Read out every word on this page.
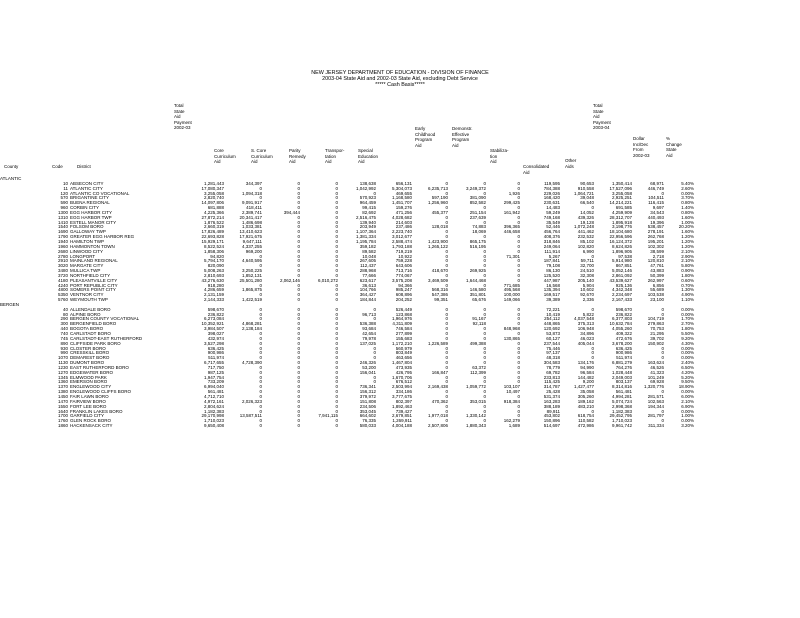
NEW JERSEY DEPARTMENT OF EDUCATION - DIVISION OF FINANCE
2003-04 State Aid and 2002-03 State Aid, excluding Debt Service
***** Cash Basis*****
County	Code	District
Total
State
Aid
Payment
2002-03
Core
Curriculum
Aid
S. Core
Curriculum
Aid
Parity
Remedy
Aid
Transpor-
tation
Aid
Special
Education
Aid
Early
Childhood
Program
Aid
Demonstr.
Effective
Program
Aid
Stabiliza-
tion
Aid
Consolidated
Aid
Other
Aids
Total
State
Aid
Payment
2003-04
Dollar
Inc/Dec
From
2002-03
%
Change
State
Aid
ATLANTIC																	
	10	ABSECON CITY	1,281,443	344,397	0	0	138,638	656,131	0	0	0	119,595	90,653	1,350,414	68,971	5.40%	
	11	ATLANTIC CITY	17,080,347	0	0	0	1,042,992	5,304,073	6,235,713	3,249,372	0	784,388	910,558	17,527,096	446,749	2.60%	
	120	ATLANTIC CO VOCATIONAL	3,255,058	1,094,318	0	0	0	469,655	0	0	1,926	229,026	1,064,721	3,255,058	0	0.00%	
	570	BRIGANTINE CITY	2,820,740	0	0	0	570,923	1,168,580	597,190	381,090	0	168,420	39,048	2,925,251	104,511	3.70%	
	590	BUENA REGIONAL	14,097,806	9,091,917	0	0	964,459	1,451,707	1,256,960	852,582	299,425	230,631	66,540	14,214,221	116,415	0.80%	
	960	CORBIN CITY	681,888	418,411	0	0	99,415	159,276	0	0	0	14,483	0	691,585	9,697	1.40%	
	1300	EGG HARBOR CITY	4,225,366	2,389,741	394,444	0	82,692	471,256	455,377	251,154	161,942	59,249	14,052	4,259,909	34,543	0.80%	
	1310	EGG HARBOR TWP	27,872,214	20,341,417	0	0	2,516,475	4,028,682	0	237,639	0	749,168	439,326	28,312,707	440,493	1.60%	
	1410	ESTELL MANOR CITY	1,876,522	1,486,698	0	0	139,940	214,603	0	0	0	35,549	19,128	1,895,918	19,396	1.00%	
	1540	FOLSOM BORO	2,660,319	1,033,381	0	0	203,949	237,486	128,018	74,883	396,365	52,446	1,072,248	3,198,776	538,457	20.20%	
	1690	GALLOWAY TWP	17,826,489	13,410,623	0	0	1,107,364	2,223,740	0	18,069	446,658	456,764	441,462	18,104,680	278,191	1.60%	
	1790	GREATER EGG HARBOR REG	22,693,828	17,921,675	0	0	1,381,334	3,012,677	0	0	0	408,376	232,532	22,956,596	262,768	1.20%	
	1940	HAMILTON TWP	15,929,171	9,647,111	0	0	1,195,784	2,588,474	1,423,900	865,175	0	318,846	85,102	16,124,372	195,201	1.20%	
	1960	HAMMONTON TOWN	8,522,524	4,337,255	0	0	359,182	1,793,188	1,265,122	516,195	0	249,064	102,820	8,624,826	102,302	1.20%	
	2680	LINWOOD CITY	1,858,306	969,200	0	0	89,582	719,219	0	0	0	111,914	6,990	1,896,905	38,599	2.10%	
	2780	LONGPORT	94,820	0	0	0	10,048	10,922	0	0	71,301	5,267	0	97,538	2,718	2.90%	
	2910	MAINLAND REGIONAL	5,794,170	4,640,595	0	0	267,605	759,228	0	0	0	187,841	59,711	5,914,980	120,810	2.10%	
	3020	MARGATE CITY	820,090	0	0	0	112,437	643,606	0	0	0	79,108	32,700	867,851	47,761	5.80%	
	3480	MULLICA TWP	5,008,263	3,250,225	0	0	288,968	713,716	418,670	269,925	0	86,130	24,510	5,052,146	43,883	0.90%	
	3720	NORTHFIELD CITY	2,810,693	1,852,131	0	0	77,666	774,067	0	0	0	125,520	32,308	2,861,092	50,399	1.80%	
	4180	PLEASANTVILLE CITY	43,276,630	25,501,280	2,062,146	6,010,272	623,617	3,575,208	3,469,509	1,644,468	0	447,987	205,140	43,539,627	262,997	0.60%	
	4240	PORT REPUBLIC CITY	918,280	0	0	0	36,613	94,366	0	0	771,685	16,568	5,904	925,136	6,856	0.70%	
	4800	SOMERS POINT CITY	4,286,659	1,865,875	0	0	104,766	985,247	568,316	146,580	495,568	135,394	10,602	4,342,348	55,689	1.30%	
	5350	VENTNOR CITY	2,131,159	0	0	0	364,427	608,896	547,386	351,801	100,000	169,517	92,670	2,234,697	103,538	4.90%	
	5760	WEYMOUTH TWP	2,144,333	1,422,519	0	0	184,844	204,252	99,351	65,676	149,066	39,389	2,336	2,167,433	23,100	1.10%	
BERGEN																	
	40	ALLENDALE BORO	598,670	0	0	0	0	526,449	0	0	0	72,221	0	598,670	0	0.00%	
	80	ALPINE BORO	236,822	0	0	0	96,713	123,868	0	0	0	10,419	5,822	236,822	0	0.00%	
	290	BERGEN COUNTY VOCATIONAL	6,273,084	0	0	0	0	1,964,976	0	91,167	0	254,112	4,037,548	6,377,803	104,719	1.70%	
	300	BERGENFIELD BORO	10,352,921	4,868,281	0	0	536,388	4,311,809	0	92,118	0	448,865	375,313	10,632,784	279,863	2.70%	
	440	BOGOTA BORO	3,984,507	2,138,184	0	0	93,684	746,584	0	0	848,968	120,692	106,948	4,055,260	70,753	1.80%	
	740	CARLSTADT BORO	398,027	0	0	0	42,654	277,899	0	0	0	53,873	34,896	409,322	21,295	5.50%	
	745	CARLSTADT-EAST RUTHERFORD	432,974	0	0	0	79,978	155,683	0	0	130,865	60,127	46,023	472,676	39,702	9.20%	
	890	CLIFFSIDE PARK BORO	3,527,298	0	0	0	137,025	1,172,210	1,226,589	499,388	0	237,544	405,044	3,678,200	150,902	4.30%	
	930	CLOSTER BORO	636,425	0	0	0	0	560,979	0	0	0	75,446	0	636,425	0	0.00%	
	990	CRESSKILL BORO	900,986	0	0	0	0	803,849	0	0	0	97,137	0	900,986	0	0.00%	
	1070	DEMAREST BORO	511,974	0	0	0	0	463,656	0	0	0	48,318	0	511,974	0	0.00%	
	1130	DUMONT BORO	6,717,655	4,728,390	0	0	246,326	1,467,804	0	0	0	304,583	134,176	6,881,279	163,624	2.40%	
	1230	EAST RUTHERFORD BORO	717,750	0	0	0	53,200	473,935	0	63,372	0	78,779	94,990	764,276	46,526	6.50%	
	1270	EDGEWATER BORO	987,125	0	0	0	156,041	426,795	166,847	112,399	0	69,782	96,584	1,028,448	41,323	4.20%	
	1345	ELMWOOD PARK	1,947,754	0	0	0	0	1,670,706	0	0	0	233,813	144,482	2,049,003	101,249	5.20%	
	1360	EMERSON BORO	733,209	0	0	0	0	676,512	0	0	0	115,425	9,200	803,137	69,928	9.50%	
	1370	ENGLEWOOD CITY	6,994,040	0	0	0	736,341	2,503,994	2,169,438	1,059,772	103,107	314,787	1,427,477	8,314,816	1,320,776	18.90%	
	1380	ENGLEWOOD CLIFFS BORO	561,481	0	0	0	156,312	334,186	0	0	10,497	25,428	35,058	561,481	0	0.00%	
	1450	FAIR LAWN BORO	4,712,710	0	0	0	379,972	3,777,675	0	0	0	531,374	305,260	4,994,281	281,571	6.00%	
	1470	FAIRVIEW BORO	4,972,161	2,026,323	0	0	151,808	802,397	470,362	353,015	918,384	163,283	189,162	5,074,724	102,563	2.10%	
	1550	FORT LEE BORO	2,804,624	0	0	0	234,506	1,892,463	0	0	0	388,189	483,210	2,998,368	194,344	6.90%	
	1640	FRANKLIN LAKES BORO	1,182,383	0	0	0	353,045	739,427	0	0	0	89,911	0	1,182,383	0	0.00%	
	1700	GARFIELD CITY	29,170,998	13,587,511	0	7,941,115	664,602	2,679,851	1,977,018	1,330,142	0	453,802	618,754	29,452,795	281,797	1.00%	
	1760	GLEN ROCK BORO	1,710,023	0	0	0	76,335	1,269,911	0	0	162,279	150,896	110,582	1,710,023	0	0.00%	
	1860	HACKENSACK CITY	9,650,408	0	0	0	580,033	4,004,188	2,507,806	1,880,343	1,689	514,697	472,986	9,961,742	311,334	3.20%	
